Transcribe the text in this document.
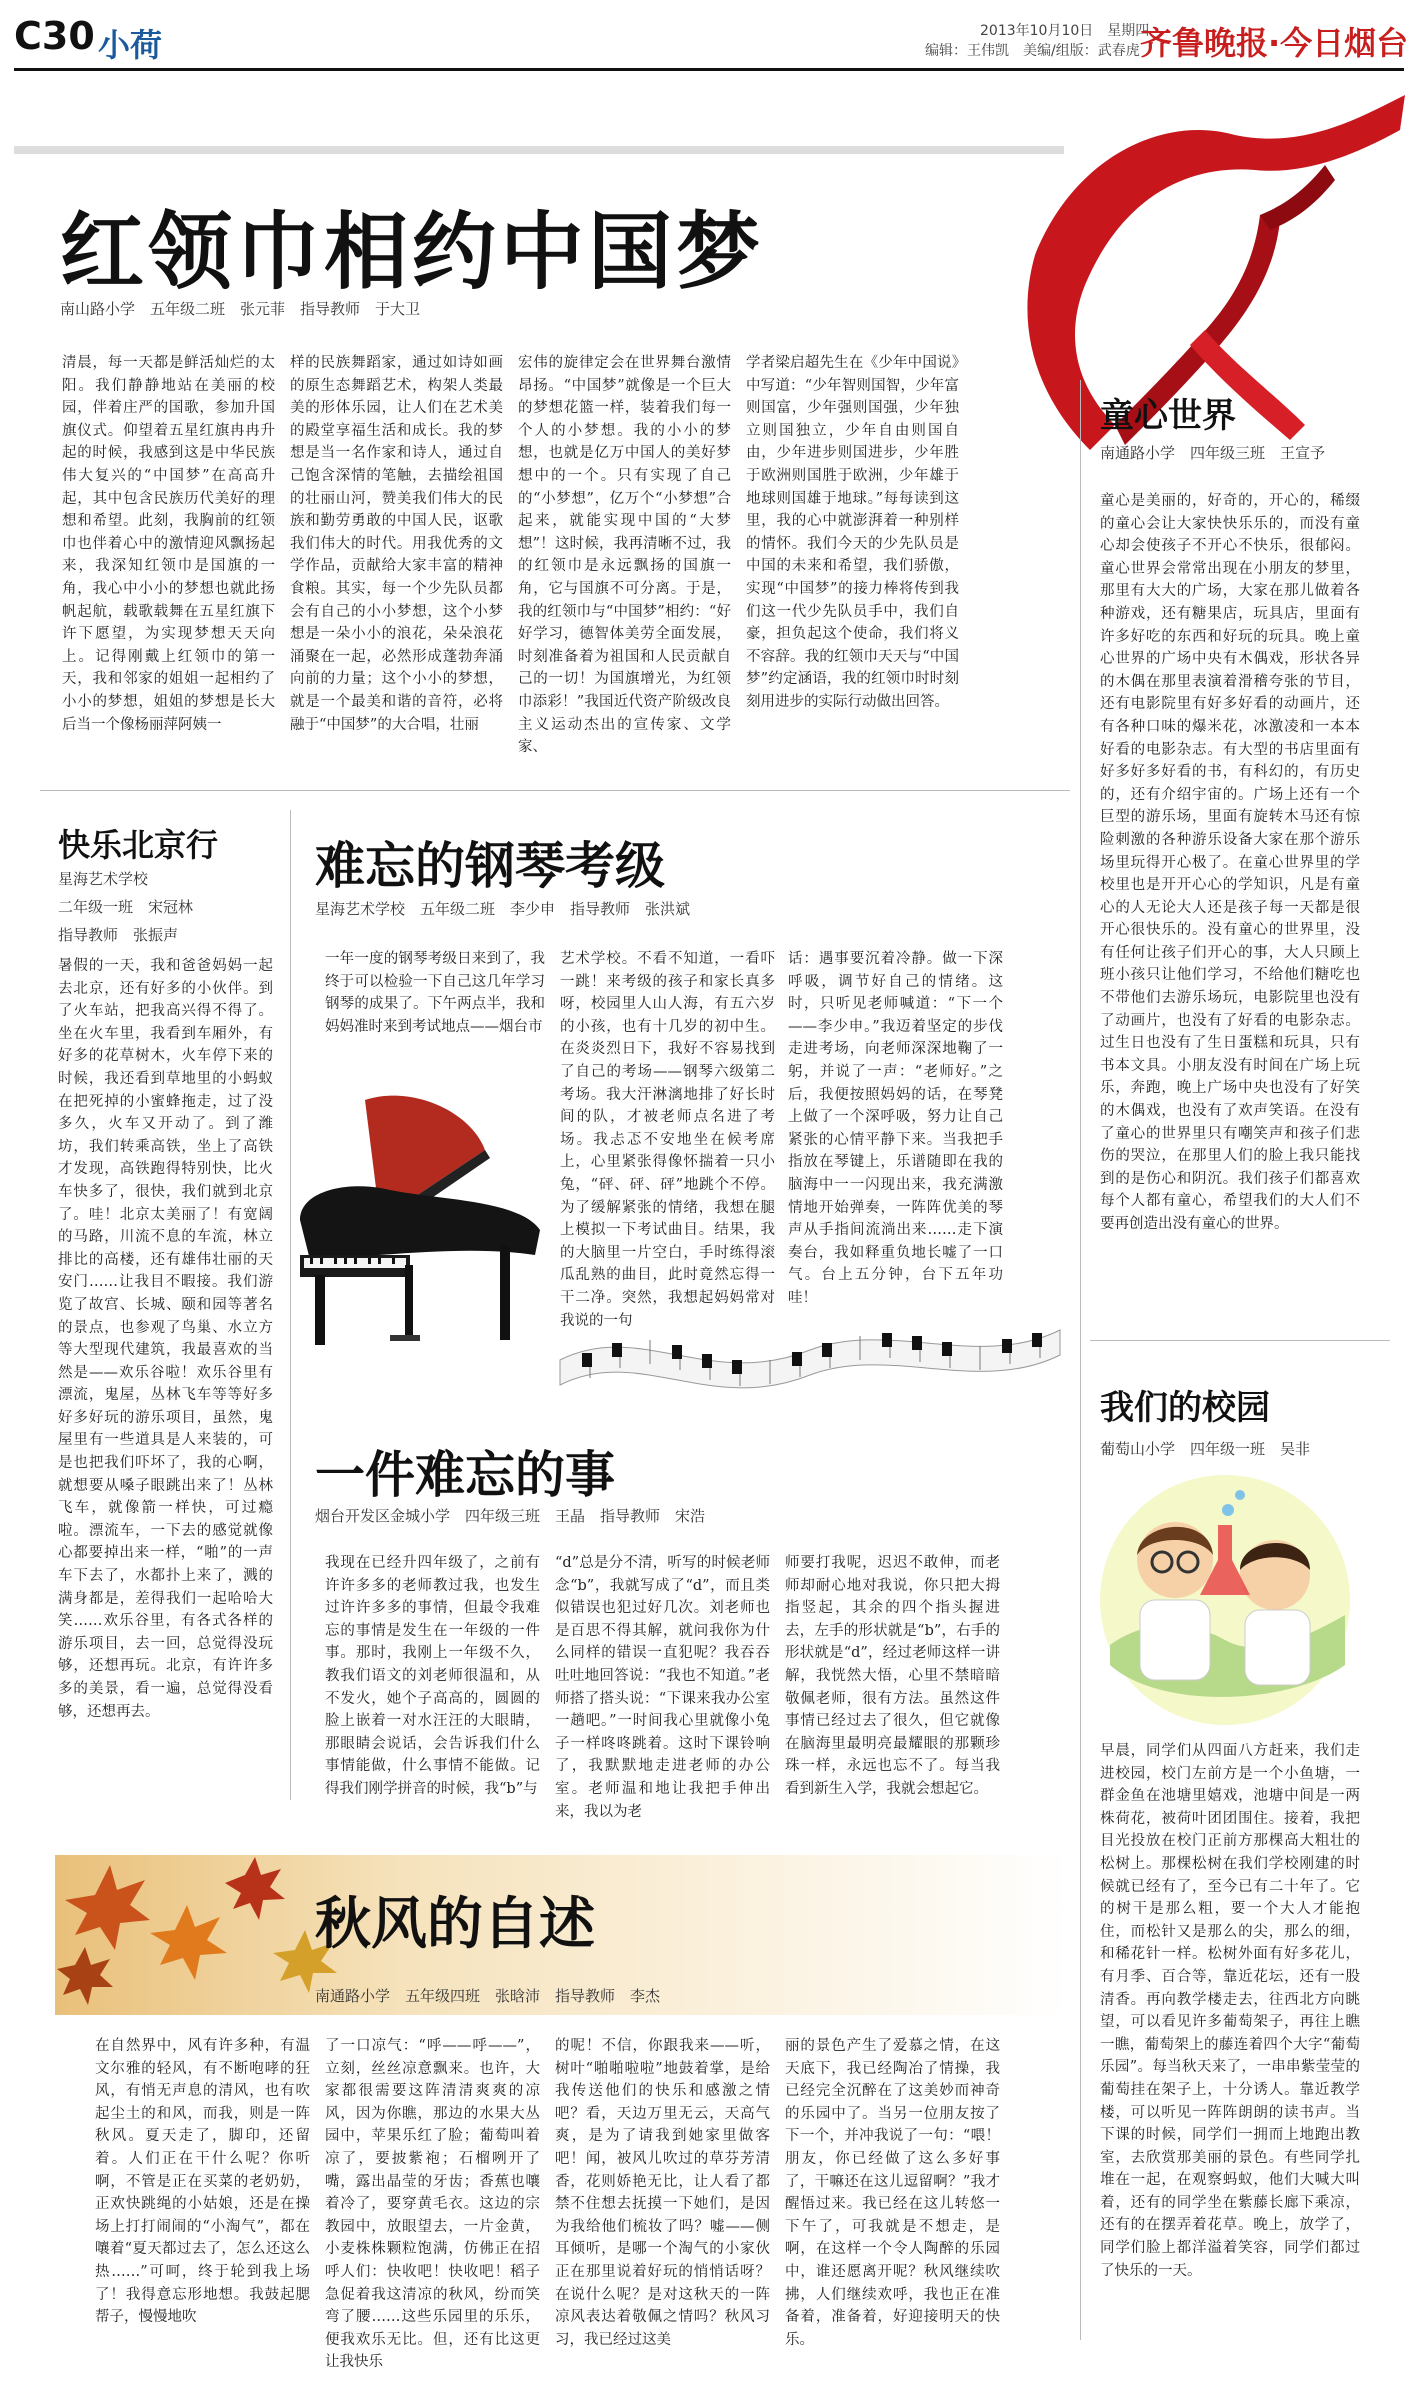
C30 小荷	2013年10月10日　星期四
编辑：王伟凯　美编/组版：武春虎 齐鲁晚报·今日烟台
红领巾相约中国梦
南山路小学　五年级二班　张元菲　指导教师　于大卫
清晨，每一天都是鲜活灿烂的太阳。我们静静地站在美丽的校园，伴着庄严的国歌，参加升国旗仪式。仰望着五星红旗冉冉升起的时候，我感到这是中华民族伟大复兴的“中国梦”在高高升起，其中包含民族历代美好的理想和希望。此刻，我胸前的红领巾也伴着心中的激情迎风飘扬起来，我深知红领巾是国旗的一角，我心中小小的梦想也就此扬帆起航，载歌载舞在五星红旗下许下愿望，为实现梦想天天向上。记得刚戴上红领巾的第一天，我和邻家的姐姐一起相约了小小的梦想，姐姐的梦想是长大后当一个像杨丽萍阿姨一
样的民族舞蹈家，通过如诗如画的原生态舞蹈艺术，构架人类最美的形体乐园，让人们在艺术美的殿堂享福生活和成长。我的梦想是当一名作家和诗人，通过自己饱含深情的笔触，去描绘祖国的壮丽山河，赞美我们伟大的民族和勤劳勇敢的中国人民，讴歌我们伟大的时代。用我优秀的文学作品，贡献给大家丰富的精神食粮。其实，每一个少先队员都会有自己的小小梦想，这个小梦想是一朵小小的浪花，朵朵浪花涌聚在一起，必然形成蓬勃奔涌向前的力量；这个小小的梦想，就是一个最美和谐的音符，必将融于“中国梦”的大合唱，壮丽
宏伟的旋律定会在世界舞台激情昂扬。“中国梦”就像是一个巨大的梦想花篮一样，装着我们每一个人的小梦想。我的小小的梦想，也就是亿万中国人的美好梦想中的一个。只有实现了自己的“小梦想”，亿万个“小梦想”合起来，就能实现中国的“大梦想”！这时候，我再清晰不过，我的红领巾是永远飘扬的国旗一角，它与国旗不可分离。于是，我的红领巾与“中国梦”相约：“好好学习，德智体美劳全面发展，时刻准备着为祖国和人民贡献自己的一切！为国旗增光，为红领巾添彩！”我国近代资产阶级改良主义运动杰出的宣传家、文学家、
学者梁启超先生在《少年中国说》中写道：“少年智则国智，少年富则国富，少年强则国强，少年独立则国独立，少年自由则国自由，少年进步则国进步，少年胜于欧洲则国胜于欧洲，少年雄于地球则国雄于地球。”每每读到这里，我的心中就澎湃着一种别样的情怀。我们今天的少先队员是中国的未来和希望，我们骄傲，实现“中国梦”的接力棒将传到我们这一代少先队员手中，我们自豪，担负起这个使命，我们将义不容辞。我的红领巾天天与“中国梦”约定涵语，我的红领巾时时刻刻用进步的实际行动做出回答。
童心世界
南通路小学　四年级三班　王宣予
童心是美丽的，好奇的，开心的，稀缀的童心会让大家快快乐乐的，而没有童心却会使孩子不开心不快乐，很郁闷。童心世界会常常出现在小朋友的梦里，那里有大大的广场，大家在那儿做着各种游戏，还有糖果店，玩具店，里面有许多好吃的东西和好玩的玩具。晚上童心世界的广场中央有木偶戏，形状各异的木偶在那里表演着滑稽夸张的节目，还有电影院里有好多好看的动画片，还有各种口味的爆米花，冰激凌和一本本好看的电影杂志。有大型的书店里面有好多好多好看的书，有科幻的，有历史的，还有介绍宇宙的。广场上还有一个巨型的游乐场，里面有旋转木马还有惊险刺激的各种游乐设备大家在那个游乐场里玩得开心极了。在童心世界里的学校里也是开开心心的学知识，凡是有童心的人无论大人还是孩子每一天都是很开心很快乐的。没有童心的世界里，没有任何让孩子们开心的事，大人只顾上班小孩只让他们学习，不给他们糖吃也不带他们去游乐场玩，电影院里也没有了动画片，也没有了好看的电影杂志。过生日也没有了生日蛋糕和玩具，只有书本文具。小朋友没有时间在广场上玩乐，奔跑，晚上广场中央也没有了好笑的木偶戏，也没有了欢声笑语。在没有了童心的世界里只有嘲笑声和孩子们悲伤的哭泣，在那里人们的脸上我只能找到的是伤心和阴沉。我们孩子们都喜欢每个人都有童心，希望我们的大人们不要再创造出没有童心的世界。
我们的校园
葡萄山小学　四年级一班　吴非
早晨，同学们从四面八方赶来，我们走进校园，校门左前方是一个小鱼塘，一群金鱼在池塘里嬉戏，池塘中间是一两株荷花，被荷叶团团围住。接着，我把目光投放在校门正前方那棵高大粗壮的松树上。那棵松树在我们学校刚建的时候就已经有了，至今已有二十年了。它的树干是那么粗，要一个大人才能抱住，而松针又是那么的尖，那么的细，和稀花针一样。松树外面有好多花儿，有月季、百合等，靠近花坛，还有一股清香。再向教学楼走去，往西北方向眺望，可以看见许多葡萄架子，再往上瞧一瞧，葡萄架上的藤连着四个大字“葡萄乐园”。每当秋天来了，一串串紫莹莹的葡萄挂在架子上，十分诱人。靠近教学楼，可以听见一阵阵朗朗的读书声。当下课的时候，同学们一拥而上地跑出教室，去欣赏那美丽的景色。有些同学扎堆在一起，在观察蚂蚁，他们大喊大叫着，还有的同学坐在紫藤长廊下乘凉，还有的在摆弄着花草。晚上，放学了，同学们脸上都洋溢着笑容，同学们都过了快乐的一天。
快乐北京行
星海艺术学校
二年级一班　宋冠林
指导教师　张振声
暑假的一天，我和爸爸妈妈一起去北京，还有好多的小伙伴。到了火车站，把我高兴得不得了。坐在火车里，我看到车厢外，有好多的花草树木，火车停下来的时候，我还看到草地里的小蚂蚁在把死掉的小蜜蜂拖走，过了没多久，火车又开动了。到了潍坊，我们转乘高铁，坐上了高铁才发现，高铁跑得特别快，比火车快多了，很快，我们就到北京了。哇！北京太美丽了！有宽阔的马路，川流不息的车流，林立排比的高楼，还有雄伟壮丽的天安门……让我目不暇接。我们游览了故宫、长城、颐和园等著名的景点，也参观了鸟巢、水立方等大型现代建筑，我最喜欢的当然是——欢乐谷啦！欢乐谷里有漂流，鬼屋，丛林飞车等等好多好多好玩的游乐项目，虽然，鬼屋里有一些道具是人来装的，可是也把我们吓坏了，我的心啊，就想要从嗓子眼跳出来了！丛林飞车，就像箭一样快，可过瘾啦。漂流车，一下去的感觉就像心都要掉出来一样，“啪”的一声车下去了，水都扑上来了，溅的满身都是，差得我们一起哈哈大笑……欢乐谷里，有各式各样的游乐项目，去一回，总觉得没玩够，还想再玩。北京，有许许多多的美景，看一遍，总觉得没看够，还想再去。
难忘的钢琴考级
星海艺术学校　五年级二班　李少申　指导教师　张洪斌
一年一度的钢琴考级日来到了，我终于可以检验一下自己这几年学习钢琴的成果了。下午两点半，我和妈妈准时来到考试地点——烟台市
艺术学校。不看不知道，一看吓一跳！来考级的孩子和家长真多呀，校园里人山人海，有五六岁的小孩，也有十几岁的初中生。在炎炎烈日下，我好不容易找到了自己的考场——钢琴六级第二考场。我大汗淋漓地排了好长时间的队，才被老师点名进了考场。我忐忑不安地坐在候考席上，心里紧张得像怀揣着一只小兔，“砰、砰、砰”地跳个不停。为了缓解紧张的情绪，我想在腿上模拟一下考试曲目。结果，我的大脑里一片空白，手时练得滚瓜乱熟的曲目，此时竟然忘得一干二净。突然，我想起妈妈常对我说的一句
话：遇事要沉着冷静。做一下深呼吸，调节好自己的情绪。这时，只听见老师喊道：“下一个——李少申。”我迈着坚定的步伐走进考场，向老师深深地鞠了一躬，并说了一声：“老师好。”之后，我便按照妈妈的话，在琴凳上做了一个深呼吸，努力让自己紧张的心情平静下来。当我把手指放在琴键上，乐谱随即在我的脑海中一一闪现出来，我充满激情地开始弹奏，一阵阵优美的琴声从手指间流淌出来……走下演奏台，我如释重负地长嘘了一口气。台上五分钟，台下五年功哇！
一件难忘的事
烟台开发区金城小学　四年级三班　王晶　指导教师　宋浩
我现在已经升四年级了，之前有许许多多的老师教过我，也发生过许许多多的事情，但最令我难忘的事情是发生在一年级的一件事。那时，我刚上一年级不久，教我们语文的刘老师很温和，从不发火，她个子高高的，圆圆的脸上嵌着一对水汪汪的大眼睛，那眼睛会说话，会告诉我们什么事情能做，什么事情不能做。记得我们刚学拼音的时候，我“b”与
“d”总是分不清，听写的时候老师念“b”，我就写成了“d”，而且类似错误也犯过好几次。刘老师也是百思不得其解，就问我你为什么同样的错误一直犯呢？我吞吞吐吐地回答说：“我也不知道。”老师搭了搭头说：“下课来我办公室一趟吧。”一时间我心里就像小兔子一样咚咚跳着。这时下课铃响了，我默默地走进老师的办公室。老师温和地让我把手伸出来，我以为老
师要打我呢，迟迟不敢伸，而老师却耐心地对我说，你只把大拇指竖起，其余的四个指头握进去，左手的形状就是“b”，右手的形状就是“d”，经过老师这样一讲解，我恍然大悟，心里不禁暗暗敬佩老师，很有方法。虽然这件事情已经过去了很久，但它就像在脑海里最明亮最耀眼的那颗珍珠一样，永远也忘不了。每当我看到新生入学，我就会想起它。
秋风的自述
南通路小学　五年级四班　张晗沛　指导教师　李杰
在自然界中，风有许多种，有温文尔雅的轻风，有不断咆哮的狂风，有悄无声息的清风，也有吹起尘土的和风，而我，则是一阵秋风。夏天走了，脚印，还留着。人们正在干什么呢？你听啊，不管是正在买菜的老奶奶，正欢快跳绳的小姑娘，还是在操场上打打闹闹的“小淘气”，都在嚷着“夏天都过去了，怎么还这么热……”可呵，终于轮到我上场了！我得意忘形地想。我鼓起腮帮子，慢慢地吹
了一口凉气：“呼——呼——”，立刻，丝丝凉意飘来。也许，大家都很需要这阵清清爽爽的凉风，因为你瞧，那边的水果大丛园中，苹果乐红了脸；葡萄叫着凉了，要披紫袍；石榴咧开了嘴，露出晶莹的牙齿；香蕉也嚷着冷了，要穿黄毛衣。这边的宗教园中，放眼望去，一片金黄，小麦株株颗粒饱满，仿佛正在招呼人们：快收吧！快收吧！稻子急促着我这清凉的秋风，纷而笑弯了腰……这些乐园里的乐乐，便我欢乐无比。但，还有比这更让我快乐
的呢！不信，你跟我来——听，树叶“啪啪啦啦”地鼓着掌，是给我传送他们的快乐和感激之情吧？看，天边万里无云，天高气爽，是为了请我到她家里做客吧！闻，被风儿吹过的草芬芳清香，花则娇艳无比，让人看了都禁不住想去抚摸一下她们，是因为我给他们梳妆了吗？嘘——侧耳倾听，是哪一个淘气的小家伙正在那里说着好玩的悄悄话呀？在说什么呢？是对这秋天的一阵凉风表达着敬佩之情吗？秋风习习，我已经过这美
丽的景色产生了爱慕之情，在这天底下，我已经陶冶了情操，我已经完全沉醉在了这美妙而神奇的乐园中了。当另一位朋友按了下一个，并冲我说了一句：“喂！朋友，你已经做了这么多好事了，干嘛还在这儿逗留啊？”我才醒悟过来。我已经在这儿转悠一下午了，可我就是不想走，是啊，在这样一个令人陶醉的乐园中，谁还愿离开呢？秋风继续吹拂，人们继续欢呼，我也正在准备着，准备着，好迎接明天的快乐。
